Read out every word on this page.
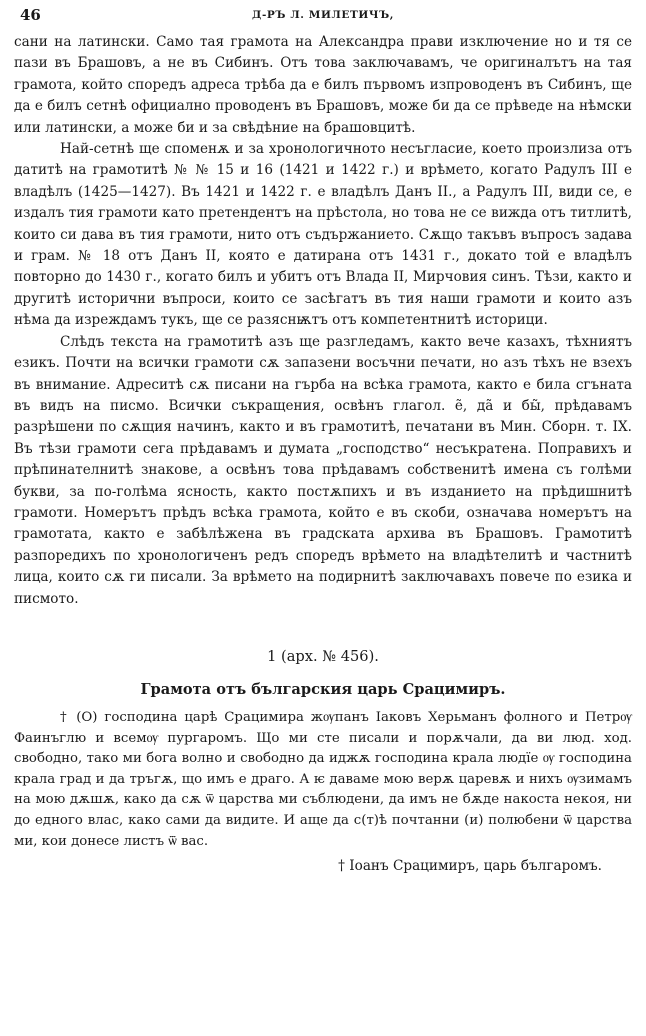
46	Д-РЪ Л. МИЛЕТИЧЪ,

сани на латински. Само тая грамота на Александра прави изключение но и тя се пази въ Брашовъ, а не въ Сибинъ. Отъ това заключавамъ, че оригиналътъ на тая грамота, който споредъ адреса трѣба да е билъ първомъ изпроводенъ въ Сибинъ, ще да е билъ сетнѣ официално проводенъ въ Брашовъ, може би да се прѣведе на нѣмски или латински, а може би и за свѣдѣние на брашовцитѣ.

Най-сетнѣ ще споменѫ и за хронологичното несъгласие, което произлиза отъ датитѣ на грамотитѣ № № 15 и 16 (1421 и 1422 г.) и врѣмето, когато Радулъ III е владѣлъ (1425—1427). Въ 1421 и 1422 г. е владѣлъ Данъ II., а Радулъ III, види се, е издалъ тия грамоти като претендентъ на прѣстола, но това не се вижда отъ титлитѣ, които си дава въ тия грамоти, нито отъ съдържанието. Сѫщо такъвъ въпросъ задава и грам. № 18 отъ Данъ II, която е датирана отъ 1431 г., докато той е владѣлъ повторно до 1430 г., когато билъ и убитъ отъ Влада II, Мирчовия синъ. Тѣзи, както и другитѣ исторични въпроси, които се засѣгатъ въ тия наши грамоти и които азъ нѣма да изреждамъ тукъ, ще се разяснѭтъ отъ компетентнитѣ историци.

Слѣдъ текста на грамотитѣ азъ ще разгледамъ, както вече казахъ, тѣхниятъ езикъ. Почти на всички грамоти сѫ запазени восъчни печати, но азъ тѣхъ не взехъ въ внимание. Адреситѣ сѫ писани на гърба на всѣка грамота, както е била сгъната въ видъ на писмо. Всички съкращения, освѣнъ глагол. е̃, да̃ и бы̃, прѣдавамъ разрѣшени по сѫщия начинъ, както и въ грамотитѣ, печатани въ Мин. Сборн. т. IX. Въ тѣзи грамоти сега прѣдавамъ и думата „господство“ несъкратена. Поправихъ и прѣпинателнитѣ знакове, а освѣнъ това прѣдавамъ собственитѣ имена съ голѣми букви, за по-голѣма ясность, както постѫпихъ и въ изданието на прѣдишнитѣ грамоти. Номерътъ прѣдъ всѣка грамота, който е въ скоби, означава номерътъ на грамотата, както е забѣлѣжена въ градската архива въ Брашовъ. Грамотитѣ разпоредихъ по хронологиченъ редъ споредъ врѣмето на владѣтелитѣ и частнитѣ лица, които сѫ ги писали. За врѣмето на подирнитѣ заключавахъ повече по езика и писмото.

1 (арх. № 456).
Грамота отъ българския царь Срацимиръ.

† (О) господина царѣ Срацимира жѹпанъ Іаковъ Херьманъ фолного и Петрѹ Фаинъглю и всемѹ пургаромъ. Що ми сте писали и порѫчали, да ви люд. ход. свободно, тако ми бога волно и свободно да иджѫ господина крала людїе ѹ господина крала град и да тръгѫ, що имъ е драго. А ѥ даваме мою верѫ царевѫ и нихъ ѹзимамъ на мою дѫшѫ, како да сѫ ѿ царства ми съблюдени, да имъ не бѫде накоста некоя, ни до едного влас, како сами да видите. И аще да с(т)ѣ почтанни (и) полюбени ѿ царства ми, кои донесе листъ ѿ вас.

† Іоанъ Срацимиръ, царь българомъ.
